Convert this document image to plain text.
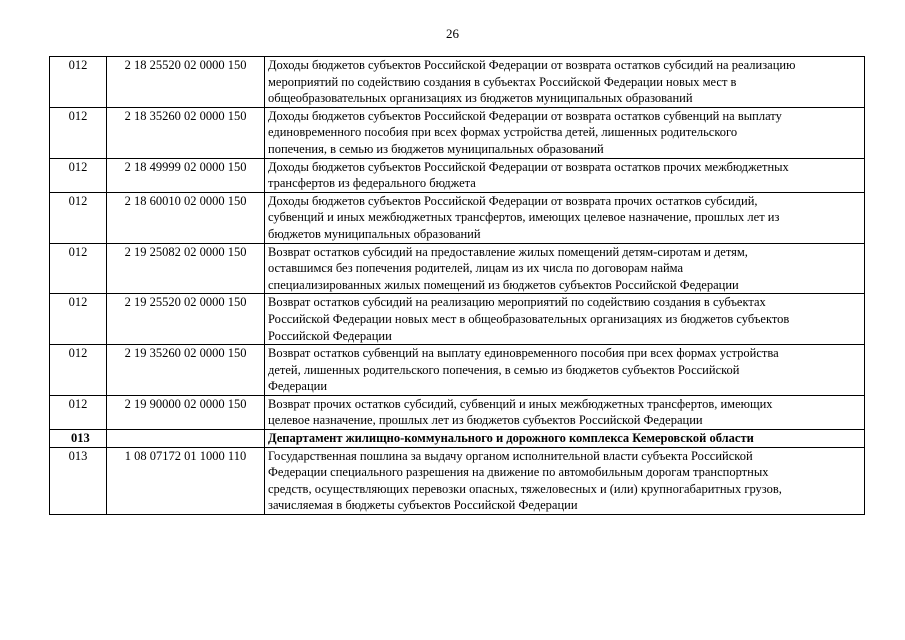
26
012	2 18 25520 02 0000 150	Доходы бюджетов субъектов Российской Федерации от возврата остатков субсидий на реализацию
мероприятий по содействию создания в субъектах Российской Федерации новых мест в
общеобразовательных организациях из бюджетов муниципальных образований
012	2 18 35260 02 0000 150	Доходы бюджетов субъектов Российской Федерации от возврата остатков субвенций на выплату
единовременного пособия при всех формах устройства детей, лишенных родительского
попечения, в семью из бюджетов муниципальных образований
012	2 18 49999 02 0000 150	Доходы бюджетов субъектов Российской Федерации от возврата остатков прочих межбюджетных
трансфертов из федерального бюджета
012	2 18 60010 02 0000 150	Доходы бюджетов субъектов Российской Федерации от возврата прочих остатков субсидий,
субвенций и иных межбюджетных трансфертов, имеющих целевое назначение, прошлых лет из
бюджетов муниципальных образований
012	2 19 25082 02 0000 150	Возврат остатков субсидий на предоставление жилых помещений детям-сиротам и детям,
оставшимся без попечения родителей, лицам из их числа по договорам найма
специализированных жилых помещений из бюджетов субъектов Российской Федерации
012	2 19 25520 02 0000 150	Возврат остатков субсидий на реализацию мероприятий по содействию создания в субъектах
Российской Федерации новых мест в общеобразовательных организациях из бюджетов субъектов
Российской Федерации
012	2 19 35260 02 0000 150	Возврат остатков субвенций на выплату единовременного пособия при всех формах устройства
детей, лишенных родительского попечения, в семью из бюджетов субъектов Российской
Федерации
012	2 19 90000 02 0000 150	Возврат прочих остатков субсидий, субвенций и иных межбюджетных трансфертов, имеющих
целевое назначение, прошлых лет из бюджетов субъектов Российской Федерации
013		Департамент жилищно-коммунального и дорожного комплекса Кемеровской области
013	1 08 07172 01 1000 110	Государственная пошлина за выдачу органом исполнительной власти субъекта Российской
Федерации специального разрешения на движение по автомобильным дорогам транспортных
средств, осуществляющих перевозки опасных, тяжеловесных и (или) крупногабаритных грузов,
зачисляемая в бюджеты субъектов Российской Федерации
